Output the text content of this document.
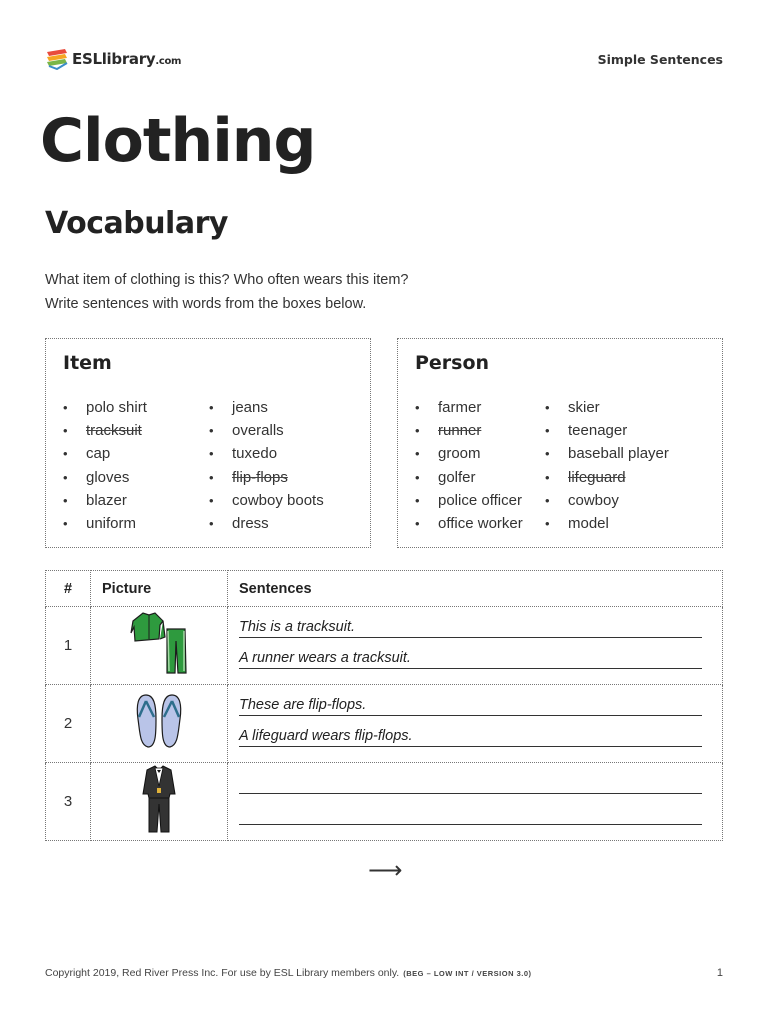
ESLlibrary.com	Simple Sentences
Clothing
Vocabulary
What item of clothing is this? Who often wears this item?
Write sentences with words from the boxes below.
Item
• polo shirt
• tracksuit
• cap
• gloves
• blazer
• uniform
• jeans
• overalls
• tuxedo
• flip-flops
• cowboy boots
• dress
Person
• farmer
• runner
• groom
• golfer
• police officer
• office worker
• skier
• teenager
• baseball player
• lifeguard
• cowboy
• model
#	Picture	Sentences
1		This is a tracksuit.
A runner wears a tracksuit.

2		These are flip-flops.
A lifeguard wears flip-flops.

3		
⟶
Copyright 2019, Red River Press Inc. For use by ESL Library members only. (BEG – LOW INT / VERSION 3.0)	1
